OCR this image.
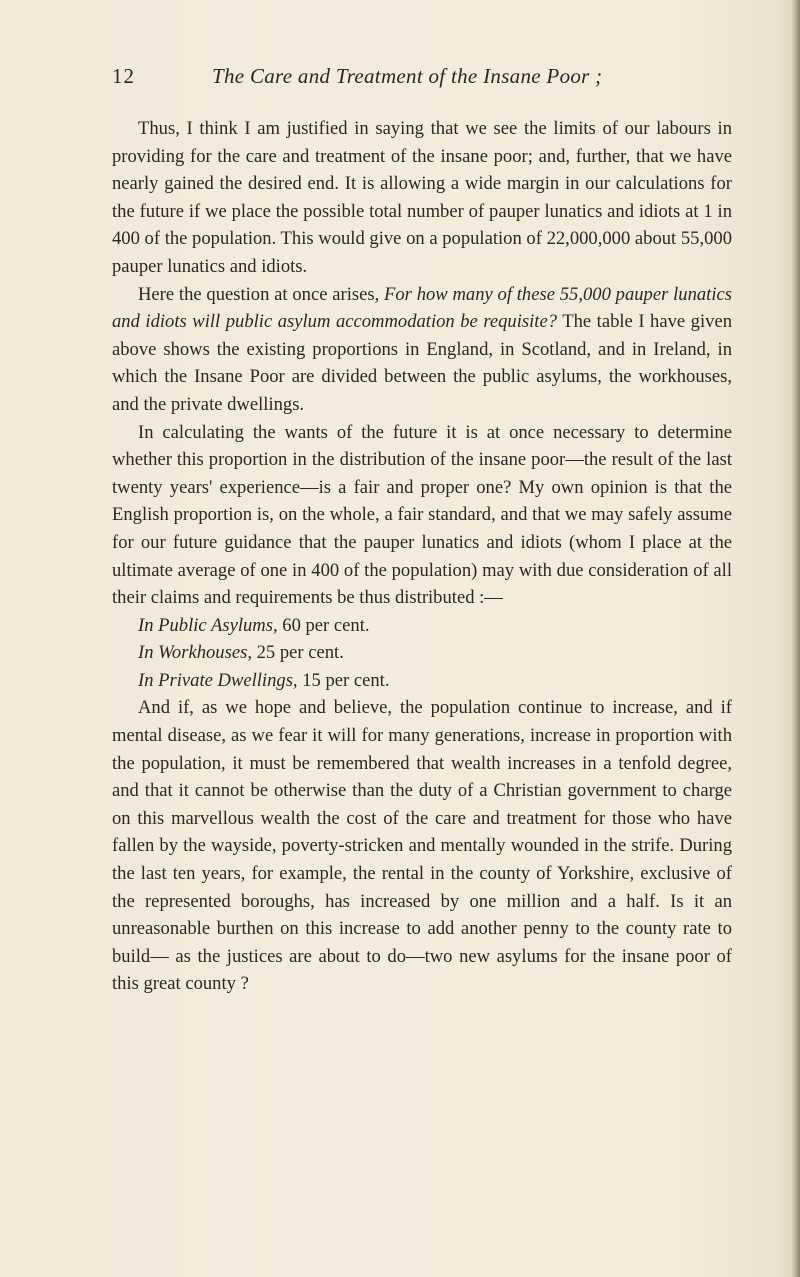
12	The Care and Treatment of the Insane Poor ;

Thus, I think I am justified in saying that we see the limits of our labours in providing for the care and treatment of the insane poor; and, further, that we have nearly gained the desired end. It is allowing a wide margin in our calculations for the future if we place the possible total number of pauper lunatics and idiots at 1 in 400 of the population. This would give on a population of 22,000,000 about 55,000 pauper lunatics and idiots.

Here the question at once arises, For how many of these 55,000 pauper lunatics and idiots will public asylum accommodation be requisite? The table I have given above shows the existing proportions in England, in Scotland, and in Ireland, in which the Insane Poor are divided between the public asylums, the workhouses, and the private dwellings.

In calculating the wants of the future it is at once necessary to determine whether this proportion in the distribution of the insane poor—the result of the last twenty years' experience—is a fair and proper one? My own opinion is that the English proportion is, on the whole, a fair standard, and that we may safely assume for our future guidance that the pauper lunatics and idiots (whom I place at the ultimate average of one in 400 of the population) may with due consideration of all their claims and requirements be thus distributed :—

In Public Asylums, 60 per cent.
In Workhouses, 25 per cent.
In Private Dwellings, 15 per cent.

And if, as we hope and believe, the population continue to increase, and if mental disease, as we fear it will for many generations, increase in proportion with the population, it must be remembered that wealth increases in a tenfold degree, and that it cannot be otherwise than the duty of a Christian government to charge on this marvellous wealth the cost of the care and treatment for those who have fallen by the wayside, poverty-stricken and mentally wounded in the strife. During the last ten years, for example, the rental in the county of Yorkshire, exclusive of the represented boroughs, has increased by one million and a half. Is it an unreasonable burthen on this increase to add another penny to the county rate to build— as the justices are about to do—two new asylums for the insane poor of this great county ?
